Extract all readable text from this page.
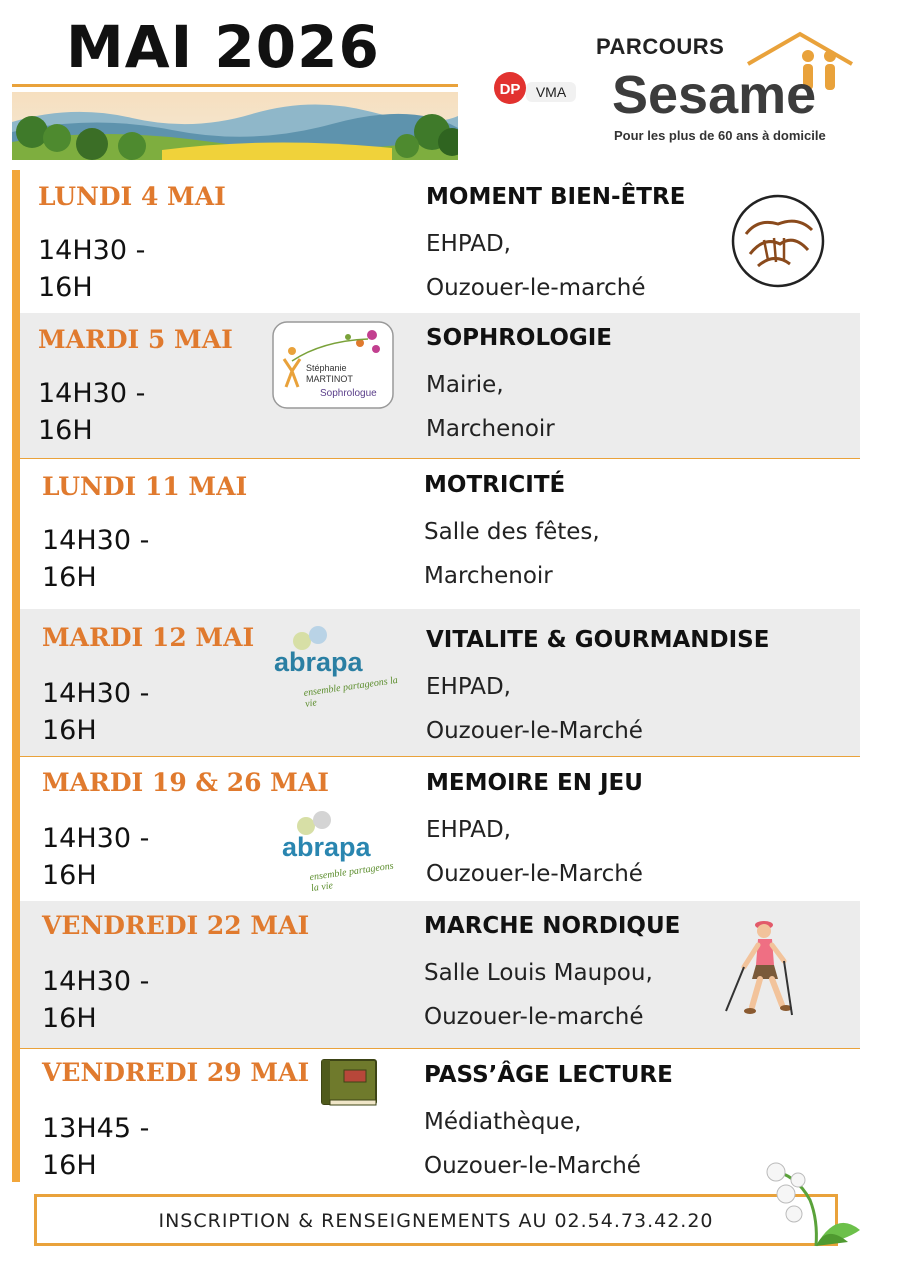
MAI 2026
DP VMA
PARCOURS
Sesame
Pour les plus de 60 ans à domicile
LUNDI 4 MAI
14H30 -
16H
MOMENT BIEN-ÊTRE
EHPAD,
Ouzouer-le-marché
MARDI 5 MAI
14H30 -
16H
SOPHROLOGIE
Mairie,
Marchenoir
Stéphanie
MARTINOT
Sophrologue
LUNDI 11 MAI
14H30 -
16H
MOTRICITÉ
Salle des fêtes,
Marchenoir
MARDI 12 MAI
14H30 -
16H
VITALITE & GOURMANDISE
EHPAD,
Ouzouer-le-Marché
abrapa
ensemble partageons la vie
MARDI 19 & 26 MAI
14H30 -
16H
MEMOIRE EN JEU
EHPAD,
Ouzouer-le-Marché
abrapa
ensemble partageons la vie
VENDREDI 22 MAI
14H30 -
16H
MARCHE NORDIQUE
Salle Louis Maupou,
Ouzouer-le-marché
VENDREDI 29 MAI
13H45 -
16H
PASS’ÂGE LECTURE
Médiathèque,
Ouzouer-le-Marché
INSCRIPTION & RENSEIGNEMENTS AU 02.54.73.42.20
